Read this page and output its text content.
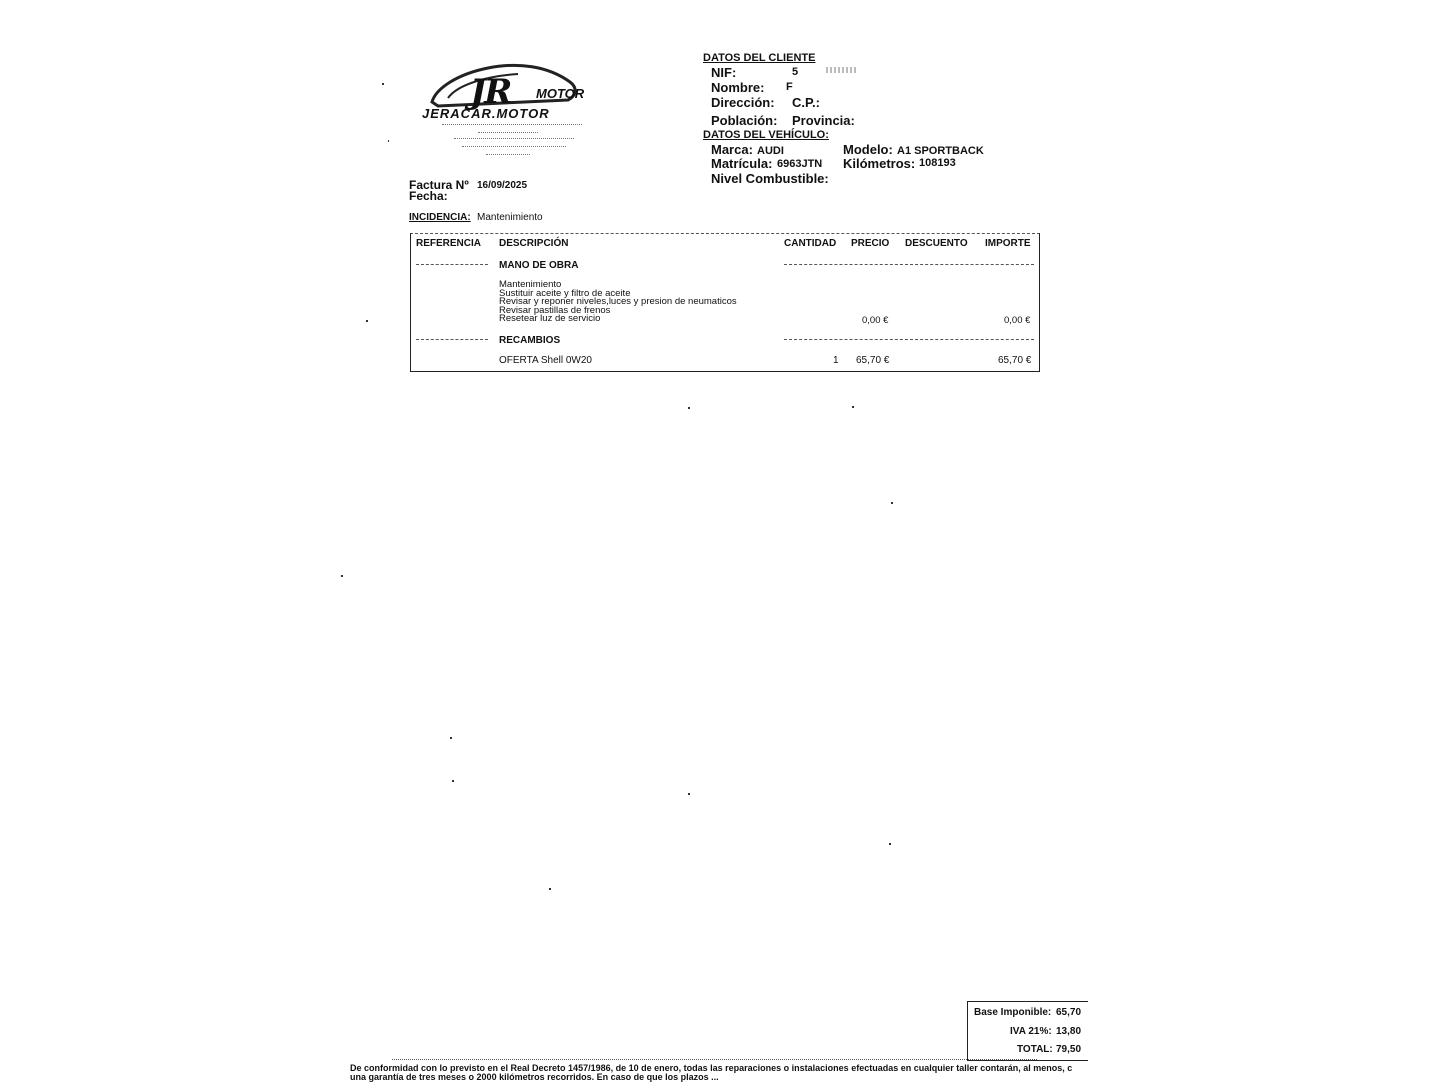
JR MOTOR
JERACAR.MOTOR
DATOS DEL CLIENTE
NIF:	5
Nombre: F
Dirección: C.P.:
Población: Provincia:
DATOS DEL VEHÍCULO:
Marca: AUDI	Modelo: A1 SPORTBACK
Matrícula: 6963JTN Kilómetros: 108193
Nivel Combustible:
Factura Nº 16/09/2025
Fecha:
INCIDENCIA: Mantenimiento
REFERENCIA DESCRIPCIÓN	CANTIDAD PRECIO DESCUENTO IMPORTE
MANO DE OBRA
Mantenimiento
Sustituir aceite y filtro de aceite
Revisar y reponer niveles,luces y presion de neumaticos
Revisar pastillas de frenos
Resetear luz de servicio	0,00 €	0,00 €
RECAMBIOS
OFERTA Shell 0W20	1 65,70 €	65,70 €
Base Imponible: 65,70
IVA 21%: 13,80
TOTAL: 79,50
De conformidad con lo previsto en el Real Decreto 1457/1986, de 10 de enero, todas las reparaciones o instalaciones efectuadas en cualquier taller contarán, al menos, c
una garantía de tres meses o 2000 kilómetros recorridos. En caso de que los plazos ...
